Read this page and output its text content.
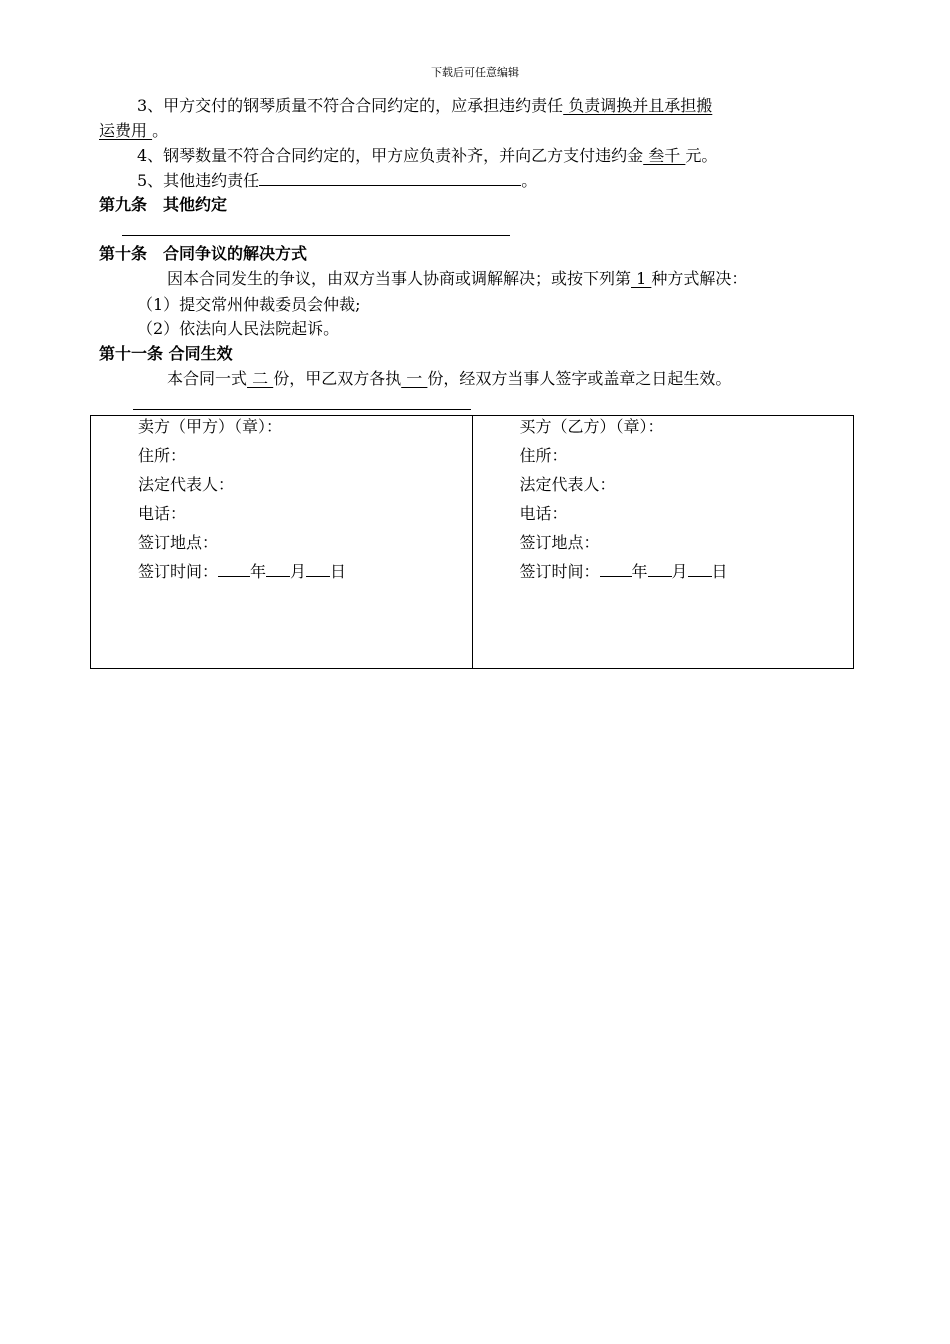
下载后可任意编辑
3、甲方交付的钢琴质量不符合合同约定的，应承担违约责任 负责调换并且承担搬
运费用 。
4、钢琴数量不符合合同约定的，甲方应负责补齐，并向乙方支付违约金 叁千 元。
5、其他违约责任	。
第九条　其他约定
第十条　合同争议的解决方式
因本合同发生的争议，由双方当事人协商或调解解决；或按下列第 1 种方式解决：
（1）提交常州仲裁委员会仲裁;
（2）依法向人民法院起诉。
第十一条 合同生效
本合同一式 二 份，甲乙双方各执 一 份，经双方当事人签字或盖章之日起生效。
卖方（甲方）（章）：
住所：
法定代表人：
电话：
签订地点：
签订时间： 年 月 日
买方（乙方）（章）：
住所：
法定代表人：
电话：
签订地点：
签订时间： 年 月 日
